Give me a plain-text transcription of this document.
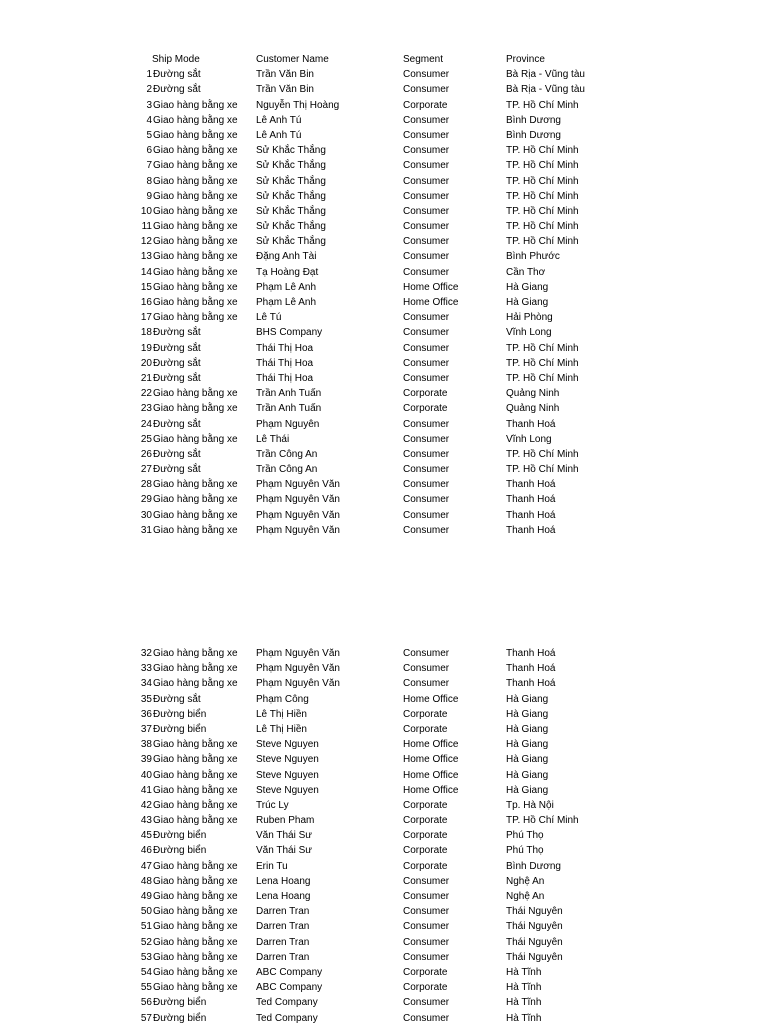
Ship Mode	Customer Name	Segment	Province
1 Đường sắt	Trần Văn Bin	Consumer	Bà Rịa - Vũng tàu
2 Đường sắt	Trần Văn Bin	Consumer	Bà Rịa - Vũng tàu
3 Giao hàng bằng xe	Nguyễn Thị Hoàng	Corporate	TP. Hồ Chí Minh
4 Giao hàng bằng xe	Lê Anh Tú	Consumer	Bình Dương
5 Giao hàng bằng xe	Lê Anh Tú	Consumer	Bình Dương
6 Giao hàng bằng xe	Sử Khắc Thắng	Consumer	TP. Hồ Chí Minh
7 Giao hàng bằng xe	Sử Khắc Thắng	Consumer	TP. Hồ Chí Minh
8 Giao hàng bằng xe	Sử Khắc Thắng	Consumer	TP. Hồ Chí Minh
9 Giao hàng bằng xe	Sử Khắc Thắng	Consumer	TP. Hồ Chí Minh
10 Giao hàng bằng xe	Sử Khắc Thắng	Consumer	TP. Hồ Chí Minh
11 Giao hàng bằng xe	Sử Khắc Thắng	Consumer	TP. Hồ Chí Minh
12 Giao hàng bằng xe	Sử Khắc Thắng	Consumer	TP. Hồ Chí Minh
13 Giao hàng bằng xe	Đặng Anh Tài	Consumer	Bình Phước
14 Giao hàng bằng xe	Tạ Hoàng Đạt	Consumer	Cần Thơ
15 Giao hàng bằng xe	Phạm Lê Anh	Home Office	Hà Giang
16 Giao hàng bằng xe	Phạm Lê Anh	Home Office	Hà Giang
17 Giao hàng bằng xe	Lê Tú	Consumer	Hải Phòng
18 Đường sắt	BHS Company	Consumer	Vĩnh Long
19 Đường sắt	Thái Thị Hoa	Consumer	TP. Hồ Chí Minh
20 Đường sắt	Thái Thị Hoa	Consumer	TP. Hồ Chí Minh
21 Đường sắt	Thái Thị Hoa	Consumer	TP. Hồ Chí Minh
22 Giao hàng bằng xe	Trần Anh Tuấn	Corporate	Quảng Ninh
23 Giao hàng bằng xe	Trần Anh Tuấn	Corporate	Quảng Ninh
24 Đường sắt	Phạm Nguyên	Consumer	Thanh Hoá
25 Giao hàng bằng xe	Lê Thái	Consumer	Vĩnh Long
26 Đường sắt	Trần Công An	Consumer	TP. Hồ Chí Minh
27 Đường sắt	Trần Công An	Consumer	TP. Hồ Chí Minh
28 Giao hàng bằng xe	Phạm Nguyên Văn	Consumer	Thanh Hoá
29 Giao hàng bằng xe	Phạm Nguyên Văn	Consumer	Thanh Hoá
30 Giao hàng bằng xe	Phạm Nguyên Văn	Consumer	Thanh Hoá
31 Giao hàng bằng xe	Phạm Nguyên Văn	Consumer	Thanh Hoá
32 Giao hàng bằng xe	Phạm Nguyên Văn	Consumer	Thanh Hoá
33 Giao hàng bằng xe	Phạm Nguyên Văn	Consumer	Thanh Hoá
34 Giao hàng bằng xe	Phạm Nguyên Văn	Consumer	Thanh Hoá
35 Đường sắt	Phạm Công	Home Office	Hà Giang
36 Đường biển	Lê Thị Hiền	Corporate	Hà Giang
37 Đường biển	Lê Thị Hiền	Corporate	Hà Giang
38 Giao hàng bằng xe	Steve Nguyen	Home Office	Hà Giang
39 Giao hàng bằng xe	Steve Nguyen	Home Office	Hà Giang
40 Giao hàng bằng xe	Steve Nguyen	Home Office	Hà Giang
41 Giao hàng bằng xe	Steve Nguyen	Home Office	Hà Giang
42 Giao hàng bằng xe	Trúc Ly	Corporate	Tp. Hà Nội
43 Giao hàng bằng xe	Ruben Pham	Corporate	TP. Hồ Chí Minh
45 Đường biển	Văn Thái Sư	Corporate	Phú Thọ
46 Đường biển	Văn Thái Sư	Corporate	Phú Thọ
47 Giao hàng bằng xe	Erin Tu	Corporate	Bình Dương
48 Giao hàng bằng xe	Lena Hoang	Consumer	Nghệ An
49 Giao hàng bằng xe	Lena Hoang	Consumer	Nghệ An
50 Giao hàng bằng xe	Darren Tran	Consumer	Thái Nguyên
51 Giao hàng bằng xe	Darren Tran	Consumer	Thái Nguyên
52 Giao hàng bằng xe	Darren Tran	Consumer	Thái Nguyên
53 Giao hàng bằng xe	Darren Tran	Consumer	Thái Nguyên
54 Giao hàng bằng xe	ABC Company	Corporate	Hà Tĩnh
55 Giao hàng bằng xe	ABC Company	Corporate	Hà Tĩnh
56 Đường biển	Ted Company	Consumer	Hà Tĩnh
57 Đường biển	Ted Company	Consumer	Hà Tĩnh
